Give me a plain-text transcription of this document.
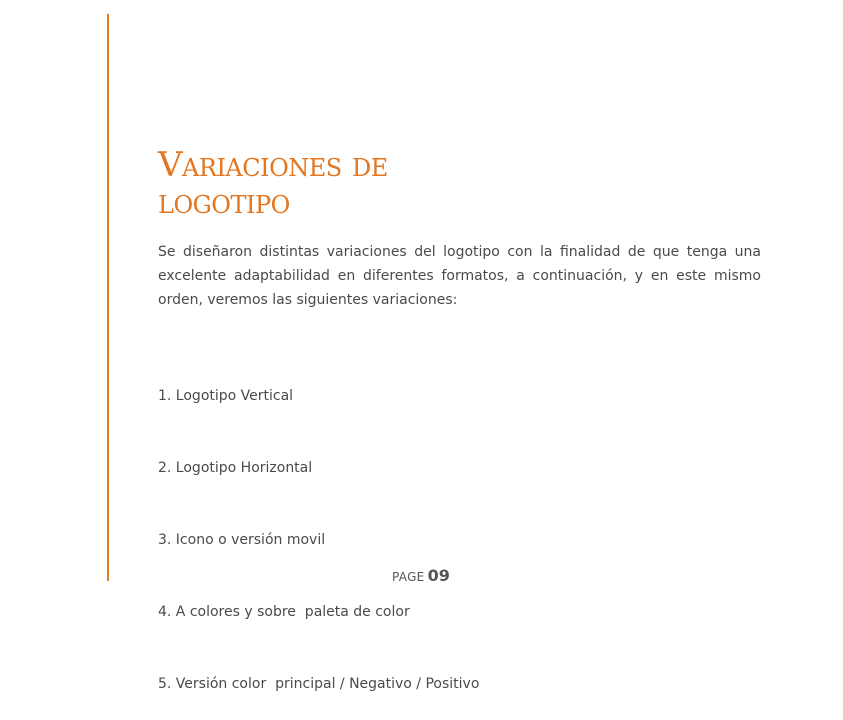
Variaciones de
logotipo

Se diseñaron distintas variaciones del logotipo con la finalidad de que tenga una excelente adaptabilidad en diferentes formatos, a continuación, y en este mismo orden, veremos las siguientes variaciones:

1. Logotipo Vertical

2. Logotipo Horizontal

3. Icono o versión movil

4. A colores y sobre  paleta de color

5. Versión color  principal / Negativo / Positivo

PAGE 09
